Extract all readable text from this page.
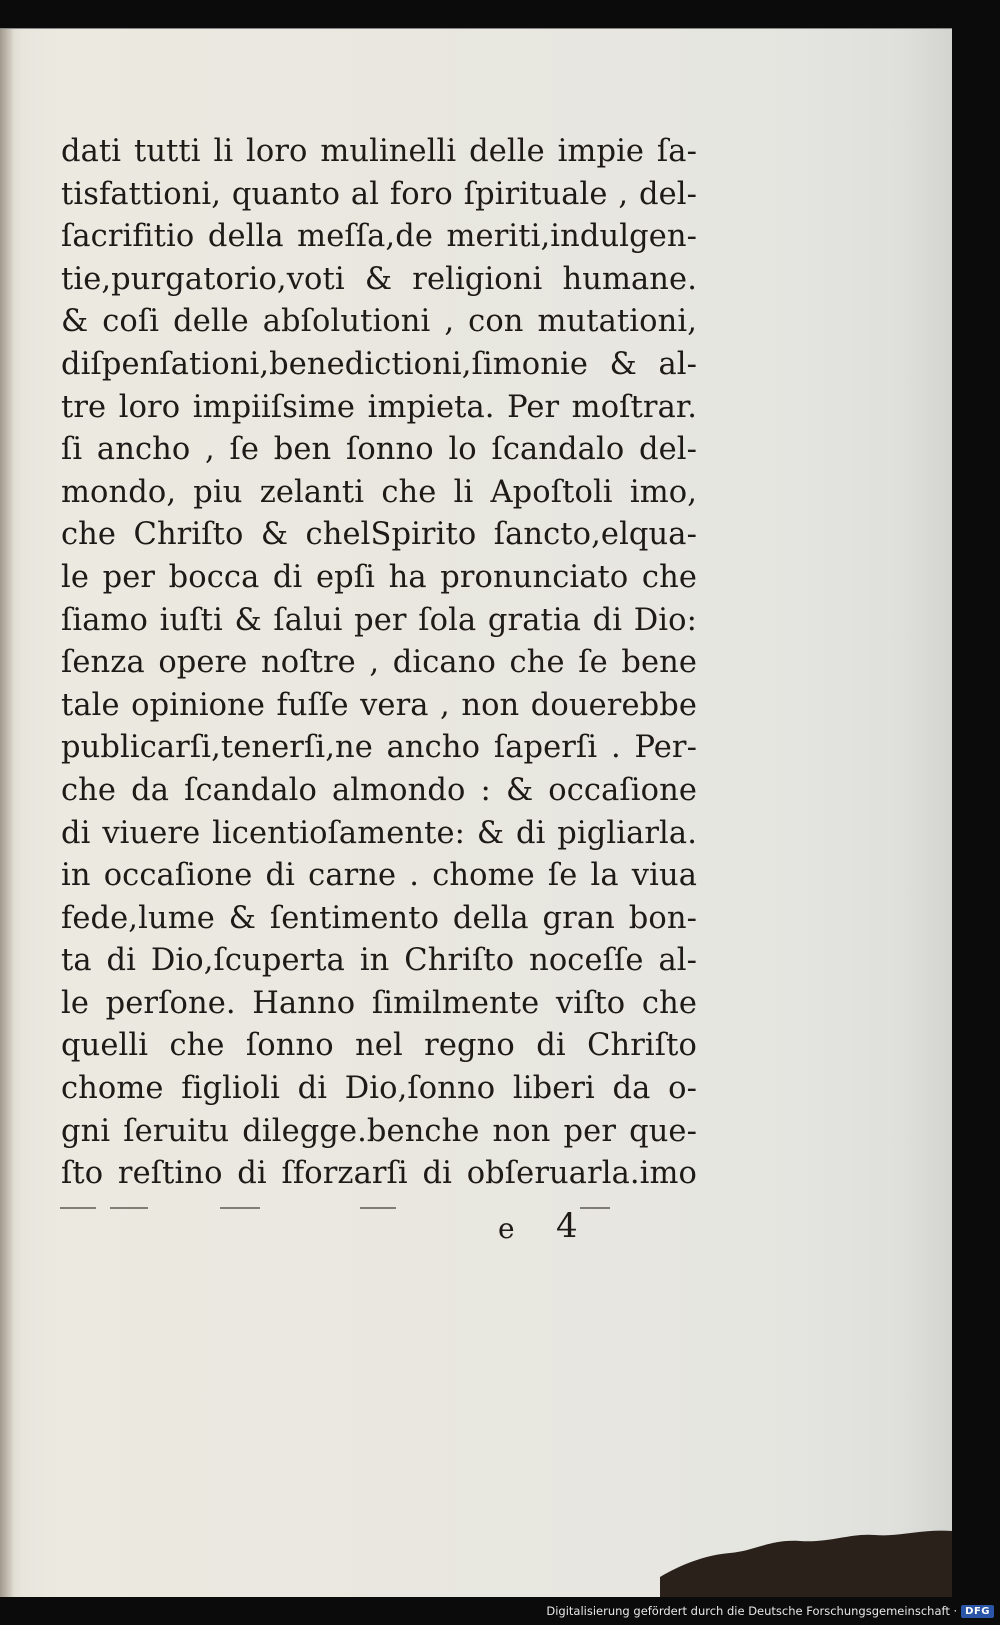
dati tutti li loro mulinelli delle impie ſa-
tisfattioni, quanto al foro ſpirituale , del-
ſacrifitio della meſſa,de meriti,indulgen-
tie,purgatorio,voti & religioni humane.
& coſi delle abſolutioni , con mutationi,
diſpenſationi,benedictioni,ſimonie & al-
tre loro impiiſsime impieta. Per moſtrar.
ſi ancho , ſe ben ſonno lo ſcandalo del-
mondo, piu zelanti che li Apoſtoli imo,
che Chriſto & chelSpirito ſancto,elqua-
le per bocca di epſi ha pronunciato che
ſiamo iuſti & ſalui per ſola gratia di Dio:
ſenza opere noſtre , dicano che ſe bene
tale opinione fuſſe vera , non douerebbe
publicarſi,tenerſi,ne ancho ſaperſi . Per-
che da ſcandalo almondo : & occaſione
di viuere licentioſamente: & di pigliarla.
in occaſione di carne . chome ſe la viua
fede,lume & ſentimento della gran bon-
ta di Dio,ſcuperta in Chriſto noceſſe al-
le perſone. Hanno ſimilmente viſto che
quelli che ſonno nel regno di Chriſto
chome figlioli di Dio,ſonno liberi da o-
gni ſeruitu dilegge.benche non per que-
ſto reſtino di ſforzarſi di obſeruarla.imo
e 4
Digitalisierung gefördert durch die Deutsche Forschungsgemeinschaft · DFG
